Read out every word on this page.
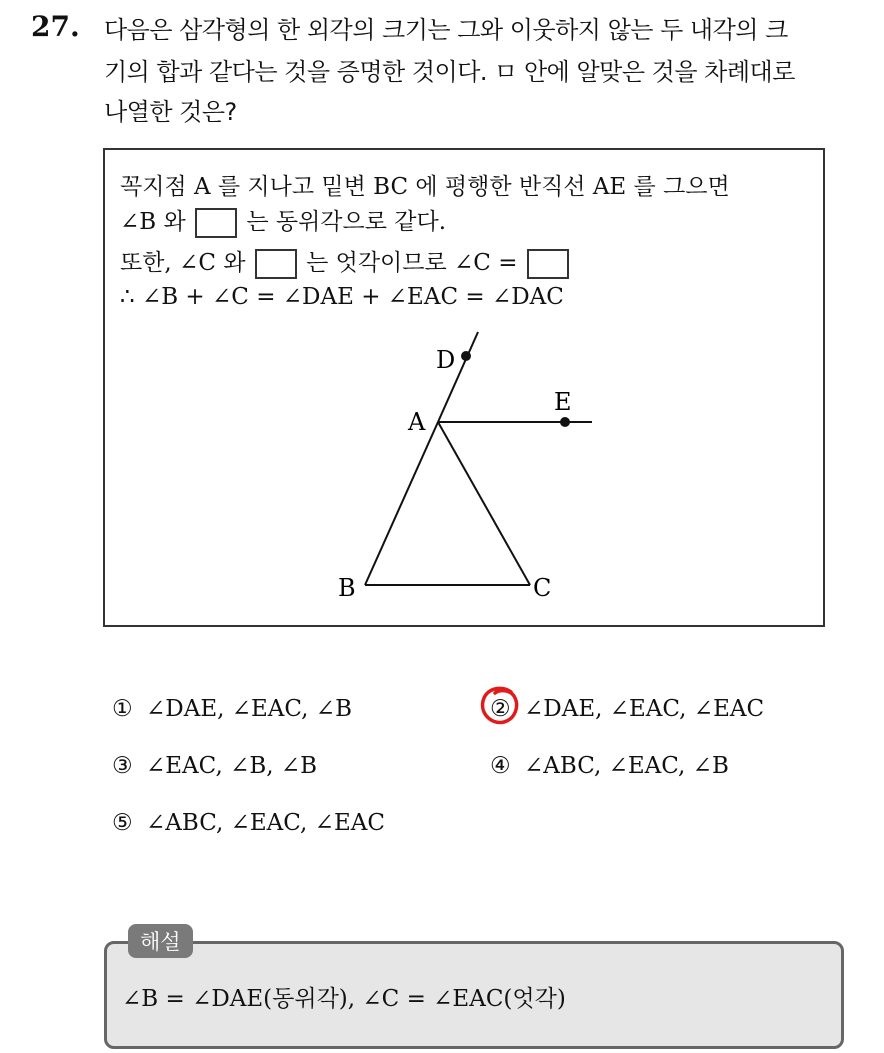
27. 다음은 삼각형의 한 외각의 크기는 그와 이웃하지 않는 두 내각의 크
기의 합과 같다는 것을 증명한 것이다. ㅁ 안에 알맞은 것을 차례대로
나열한 것은?
꼭지점 A 를 지나고 밑변 BC 에 평행한 반직선 AE 를 그으면
∠B 와	는 동위각으로 같다.
또한, ∠C 와	는 엇각이므로 ∠C =
∴ ∠B + ∠C = ∠DAE + ∠EAC = ∠DAC
A
B	C
D
E
① ∠DAE, ∠EAC, ∠B	② ∠DAE, ∠EAC, ∠EAC
③ ∠EAC, ∠B, ∠B	④ ∠ABC, ∠EAC, ∠B
⑤ ∠ABC, ∠EAC, ∠EAC
해설
∠B = ∠DAE(동위각), ∠C = ∠EAC(엇각)
